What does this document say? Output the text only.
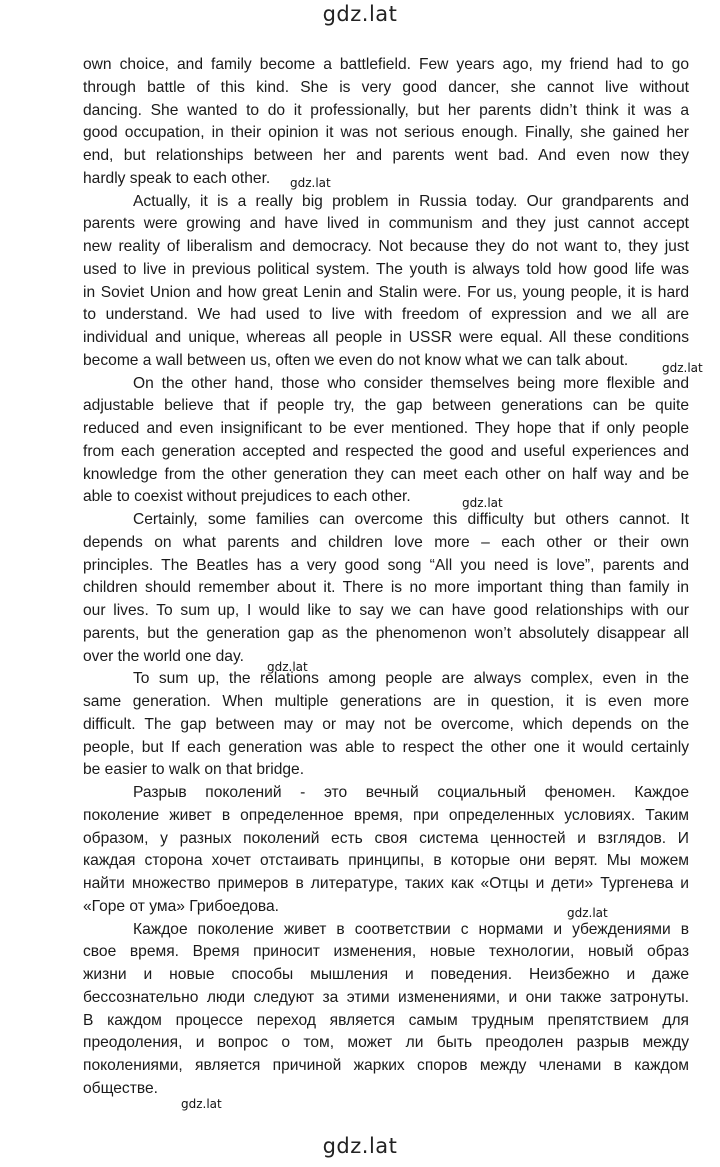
gdz.lat
own choice, and family become a battlefield. Few years ago, my friend had to go
through battle of this kind. She is very good dancer, she cannot live without
dancing. She wanted to do it professionally, but her parents didn’t think it was a
good occupation, in their opinion it was not serious enough. Finally, she gained her
end, but relationships between her and parents went bad. And even now they
hardly speak to each other.
Actually, it is a really big problem in Russia today. Our grandparents and
parents were growing and have lived in communism and they just cannot accept
new reality of liberalism and democracy. Not because they do not want to, they just
used to live in previous political system. The youth is always told how good life was
in Soviet Union and how great Lenin and Stalin were. For us, young people, it is hard
to understand. We had used to live with freedom of expression and we all are
individual and unique, whereas all people in USSR were equal. All these conditions
become a wall between us, often we even do not know what we can talk about.
On the other hand, those who consider themselves being more flexible and
adjustable believe that if people try, the gap between generations can be quite
reduced and even insignificant to be ever mentioned. They hope that if only people
from each generation accepted and respected the good and useful experiences and
knowledge from the other generation they can meet each other on half way and be
able to coexist without prejudices to each other.
Certainly, some families can overcome this difficulty but others cannot. It
depends on what parents and children love more – each other or their own
principles. The Beatles has a very good song “All you need is love”, parents and
children should remember about it. There is no more important thing than family in
our lives. To sum up, I would like to say we can have good relationships with our
parents, but the generation gap as the phenomenon won’t absolutely disappear all
over the world one day.
To sum up, the relations among people are always complex, even in the
same generation. When multiple generations are in question, it is even more
difficult. The gap between may or may not be overcome, which depends on the
people, but If each generation was able to respect the other one it would certainly
be easier to walk on that bridge.
Разрыв поколений - это вечный социальный феномен. Каждое
поколение живет в определенное время, при определенных условиях. Таким
образом, у разных поколений есть своя система ценностей и взглядов. И
каждая сторона хочет отстаивать принципы, в которые они верят. Мы можем
найти множество примеров в литературе, таких как «Отцы и дети» Тургенева и
«Горе от ума» Грибоедова.
Каждое поколение живет в соответствии с нормами и убеждениями в
свое время. Время приносит изменения, новые технологии, новый образ
жизни и новые способы мышления и поведения. Неизбежно и даже
бессознательно люди следуют за этими изменениями, и они также затронуты.
В каждом процессе переход является самым трудным препятствием для
преодоления, и вопрос о том, может ли быть преодолен разрыв между
поколениями, является причиной жарких споров между членами в каждом
обществе.
gdz.lat
gdz.lat
gdz.lat
gdz.lat
gdz.lat
gdz.lat
gdz.lat
